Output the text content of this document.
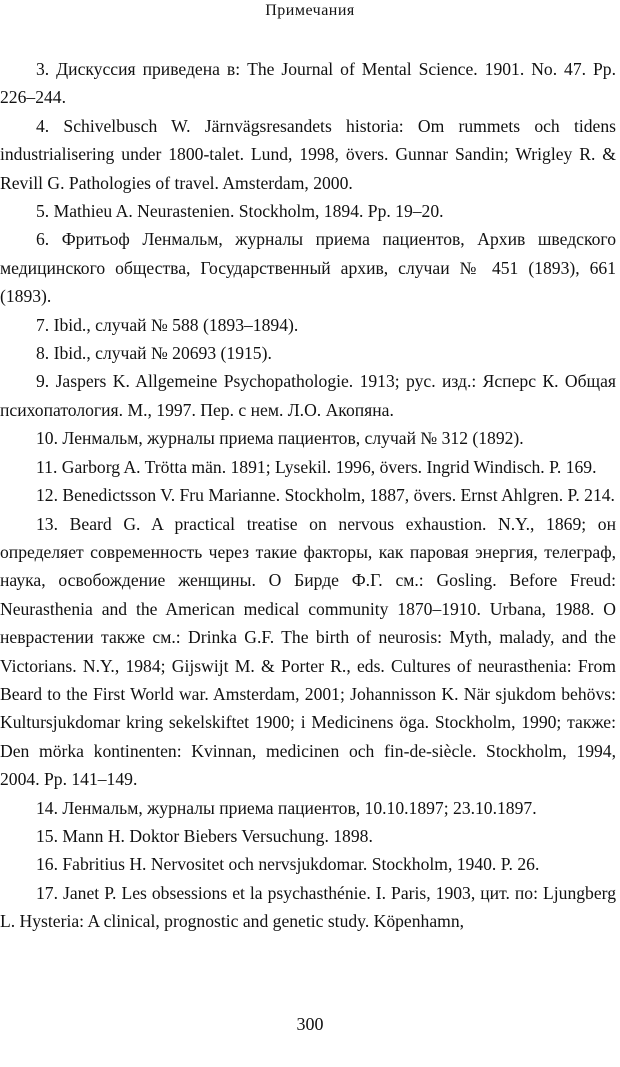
Примечания

3. Дискуссия приведена в: The Journal of Mental Science. 1901. No. 47. Pp. 226–244.

4. Schivelbusch W. Järnvägsresandets historia: Om rummets och tidens industrialisering under 1800-talet. Lund, 1998, övers. Gunnar Sandin; Wrigley R. & Revill G. Pathologies of travel. Amsterdam, 2000.

5. Mathieu A. Neurastenien. Stockholm, 1894. Pp. 19–20.

6. Фритьоф Ленмальм, журналы приема пациентов, Архив шведского медицинского общества, Государственный архив, случаи № 451 (1893), 661 (1893).

7. Ibid., случай № 588 (1893–1894).

8. Ibid., случай № 20693 (1915).

9. Jaspers K. Allgemeine Psychopathologie. 1913; рус. изд.: Ясперс К. Общая психопатология. М., 1997. Пер. с нем. Л.О. Акопяна.

10. Ленмальм, журналы приема пациентов, случай № 312 (1892).

11. Garborg A. Trötta män. 1891; Lysekil. 1996, övers. Ingrid Windisch. P. 169.

12. Benedictsson V. Fru Marianne. Stockholm, 1887, övers. Ernst Ahlgren. P. 214.

13. Beard G. A practical treatise on nervous exhaustion. N.Y., 1869; он определяет современность через такие факторы, как паровая энергия, телеграф, наука, освобождение женщины. О Бирде Ф.Г. см.: Gosling. Before Freud: Neurasthenia and the American medical community 1870–1910. Urbana, 1988. О неврастении также см.: Drinka G.F. The birth of neurosis: Myth, malady, and the Victorians. N.Y., 1984; Gijswijt M. & Porter R., eds. Cultures of neurasthenia: From Beard to the First World war. Amsterdam, 2001; Johannisson K. När sjukdom behövs: Kultursjukdomar kring sekelskiftet 1900; i Medicinens öga. Stockholm, 1990; также: Den mörka kontinenten: Kvinnan, medicinen och fin-de-siècle. Stockholm, 1994, 2004. Pp. 141–149.

14. Ленмальм, журналы приема пациентов, 10.10.1897; 23.10.1897.

15. Mann H. Doktor Biebers Versuchung. 1898.

16. Fabritius H. Nervositet och nervsjukdomar. Stockholm, 1940. P. 26.

17. Janet P. Les obsessions et la psychasthénie. I. Paris, 1903, цит. по: Ljungberg L. Hysteria: A clinical, prognostic and genetic study. Köpenhamn,

300
